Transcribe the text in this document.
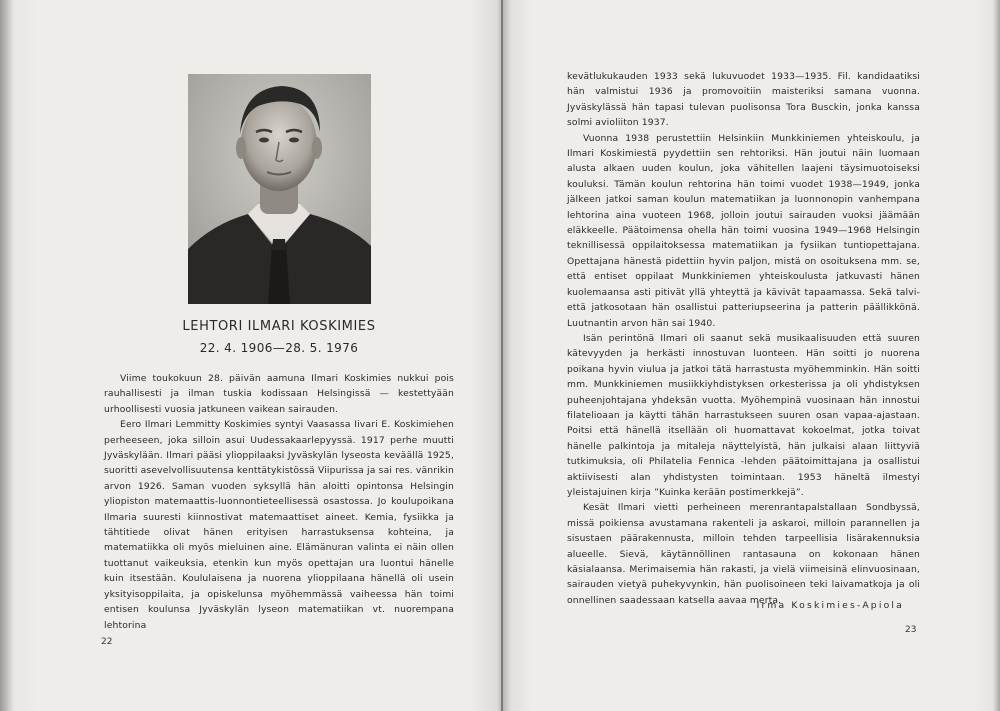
LEHTORI ILMARI KOSKIMIES
22. 4. 1906—28. 5. 1976

Viime toukokuun 28. päivän aamuna Ilmari Koskimies nukkui pois rauhallisesti ja ilman tuskia kodissaan Helsingissä — kestettyään urhoollisesti vuosia jatkuneen vaikean sairauden.

Eero Ilmari Lemmitty Koskimies syntyi Vaasassa Iivari E. Koskimiehen perheeseen, joka silloin asui Uudessakaarlepyyssä. 1917 perhe muutti Jyväskylään. Ilmari pääsi ylioppilaaksi Jyväskylän lyseosta keväällä 1925, suoritti asevelvollisuutensa kenttätykistössä Viipurissa ja sai res. vänrikin arvon 1926. Saman vuoden syksyllä hän aloitti opintonsa Helsingin yliopiston matemaattis-luonnontieteellisessä osastossa. Jo koulupoikana Ilmaria suuresti kiinnostivat matemaattiset aineet. Kemia, fysiikka ja tähtitiede olivat hänen erityisen harrastuksensa kohteina, ja matematiikka oli myös mieluinen aine. Elämänuran valinta ei näin ollen tuottanut vaikeuksia, etenkin kun myös opettajan ura luontui hänelle kuin itsestään. Koululaisena ja nuorena ylioppilaana hänellä oli usein yksityisoppilaita, ja opiskelunsa myöhemmässä vaiheessa hän toimi entisen koulunsa Jyväskylän lyseon matematiikan vt. nuorempana lehtorina

22

kevätlukukauden 1933 sekä lukuvuodet 1933—1935. Fil. kandidaatiksi hän valmistui 1936 ja promovoitiin maisteriksi samana vuonna. Jyväskylässä hän tapasi tulevan puolisonsa Tora Busckin, jonka kanssa solmi avioliiton 1937.

Vuonna 1938 perustettiin Helsinkiin Munkkiniemen yhteiskoulu, ja Ilmari Koskimiestä pyydettiin sen rehtoriksi. Hän joutui näin luomaan alusta alkaen uuden koulun, joka vähitellen laajeni täysimuotoiseksi kouluksi. Tämän koulun rehtorina hän toimi vuodet 1938—1949, jonka jälkeen jatkoi saman koulun matematiikan ja luonnonopin vanhempana lehtorina aina vuoteen 1968, jolloin joutui sairauden vuoksi jäämään eläkkeelle. Päätoimensa ohella hän toimi vuosina 1949—1968 Helsingin teknillisessä oppilaitoksessa matematiikan ja fysiikan tuntiopettajana. Opettajana hänestä pidettiin hyvin paljon, mistä on osoituksena mm. se, että entiset oppilaat Munkkiniemen yhteiskoulusta jatkuvasti hänen kuolemaansa asti pitivät yllä yhteyttä ja kävivät tapaamassa. Sekä talvi- että jatkosotaan hän osallistui patteriupseerina ja patterin päällikkönä. Luutnantin arvon hän sai 1940.

Isän perintönä Ilmari oli saanut sekä musikaalisuuden että suuren kätevyyden ja herkästi innostuvan luonteen. Hän soitti jo nuorena poikana hyvin viulua ja jatkoi tätä harrastusta myöhemminkin. Hän soitti mm. Munkkiniemen musiikkiyhdistyksen orkesterissa ja oli yhdistyksen puheenjohtajana yhdeksän vuotta. Myöhempinä vuosinaan hän innostui filatelioaan ja käytti tähän harrastukseen suuren osan vapaa-ajastaan. Poitsi että hänellä itsellään oli huomattavat kokoelmat, jotka toivat hänelle palkintoja ja mitaleja näyttelyistä, hän julkaisi alaan liittyviä tutkimuksia, oli Philatelia Fennica -lehden päätoimittajana ja osallistui aktiivisesti alan yhdistysten toimintaan. 1953 häneltä ilmestyi yleistajuinen kirja ”Kuinka kerään postimerkkejä”.

Kesät Ilmari vietti perheineen merenrantapalstallaan Sondbyssä, missä poikiensa avustamana rakenteli ja askaroi, milloin parannellen ja sisustaen päärakennusta, milloin tehden tarpeellisia lisärakennuksia alueelle. Sievä, käytännöllinen rantasauna on kokonaan hänen käsialaansa. Merimaisemia hän rakasti, ja vielä viimeisinä elinvuosinaan, sairauden vietyä puhekyvynkin, hän puolisoineen teki laivamatkoja ja oli onnellinen saadessaan katsella aavaa merta.

Irma Koskimies-Apiola
23
